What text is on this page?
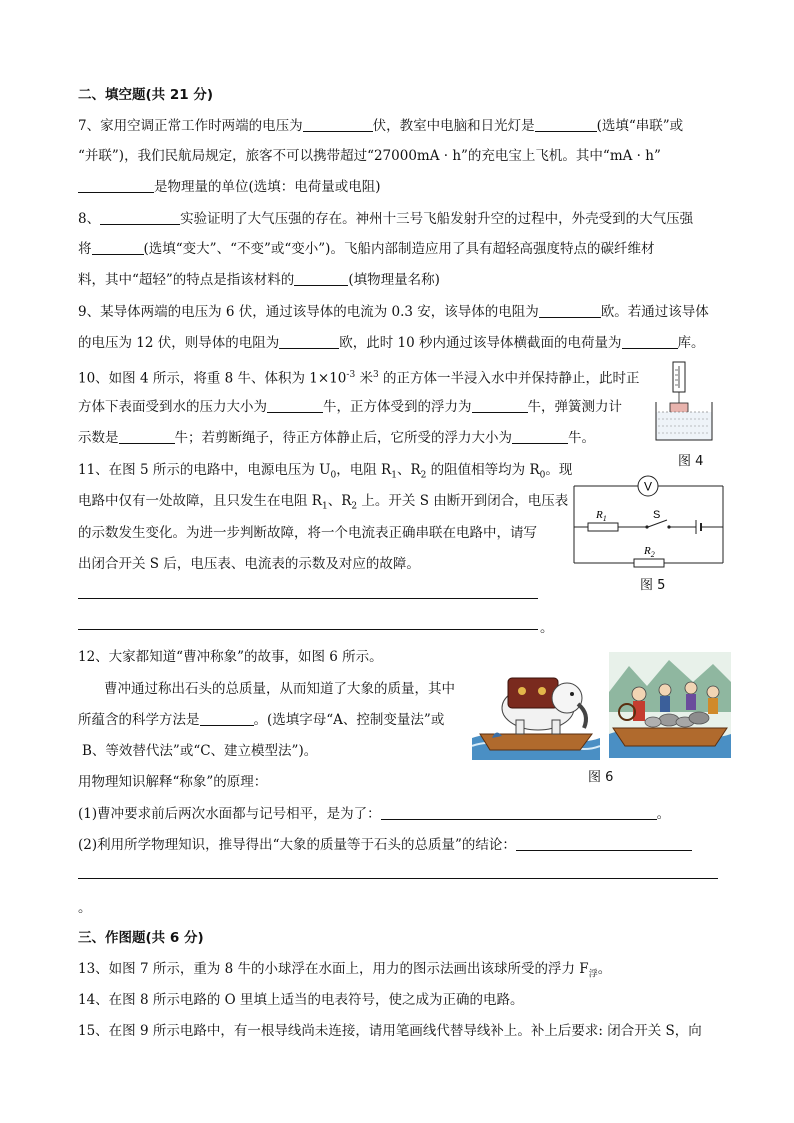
二、填空题(共 21 分)
7、家用空调正常工作时两端的电压为	伏，教室中电脑和日光灯是	(选填“串联”或
“并联”)，我们民航局规定，旅客不可以携带超过“27000mA · h”的充电宝上飞机。其中“mA · h”
是物理量的单位(选填：电荷量或电阻)
8、	实验证明了大气压强的存在。神州十三号飞船发射升空的过程中，外壳受到的大气压强
将	(选填“变大”、“不变”或“变小”)。飞船内部制造应用了具有超轻高强度特点的碳纤维材
料，其中“超轻”的特点是指该材料的	(填物理量名称)
9、某导体两端的电压为 6 伏，通过该导体的电流为 0.3 安，该导体的电阻为	欧。若通过该导体
的电压为 12 伏，则导体的电阻为	欧，此时 10 秒内通过该导体横截面的电荷量为	库。
10、如图 4 所示，将重 8 牛、体积为 $1\times 10^{-3}$ 米$^3$ 的正方体一半浸入水中并保持静止，此时正
方体下表面受到水的压力大小为	牛，正方体受到的浮力为	牛，弹簧测力计
示数是	牛；若剪断绳子，待正方体静止后，它所受的浮力大小为	牛。
图 4
11、在图 5 所示的电路中，电源电压为 $U_0$，电阻 $R_1$、$R_2$ 的阻值相等均为 $R_0$。现
电路中仅有一处故障，且只发生在电阻 $R_1$、$R_2$ 上。开关 S 由断开到闭合，电压表
的示数发生变化。为进一步判断故障，将一个电流表正确串联在电路中，请写
出闭合开关 S 后，电压表、电流表的示数及对应的故障。
。
V
$R_1$	S
$R_2$
图 5
12、大家都知道“曹冲称象”的故事，如图 6 所示。
曹冲通过称出石头的总质量，从而知道了大象的质量，其中
所蕴含的科学方法是	。(选填字母“A、控制变量法”或
B、等效替代法”或“C、建立模型法”)。
用物理知识解释“称象”的原理：
(1)曹冲要求前后两次水面都与记号相平，是为了：	。
(2)利用所学物理知识，推导得出“大象的质量等于石头的总质量”的结论：
。
图 6
三、作图题(共 6 分)
13、如图 7 所示，重为 8 牛的小球浮在水面上，用力的图示法画出该球所受的浮力 $F_浮$。
14、在图 8 所示电路的 O 里填上适当的电表符号，使之成为正确的电路。
15、在图 9 所示电路中，有一根导线尚未连接，请用笔画线代替导线补上。补上后要求: 闭合开关 S，向
